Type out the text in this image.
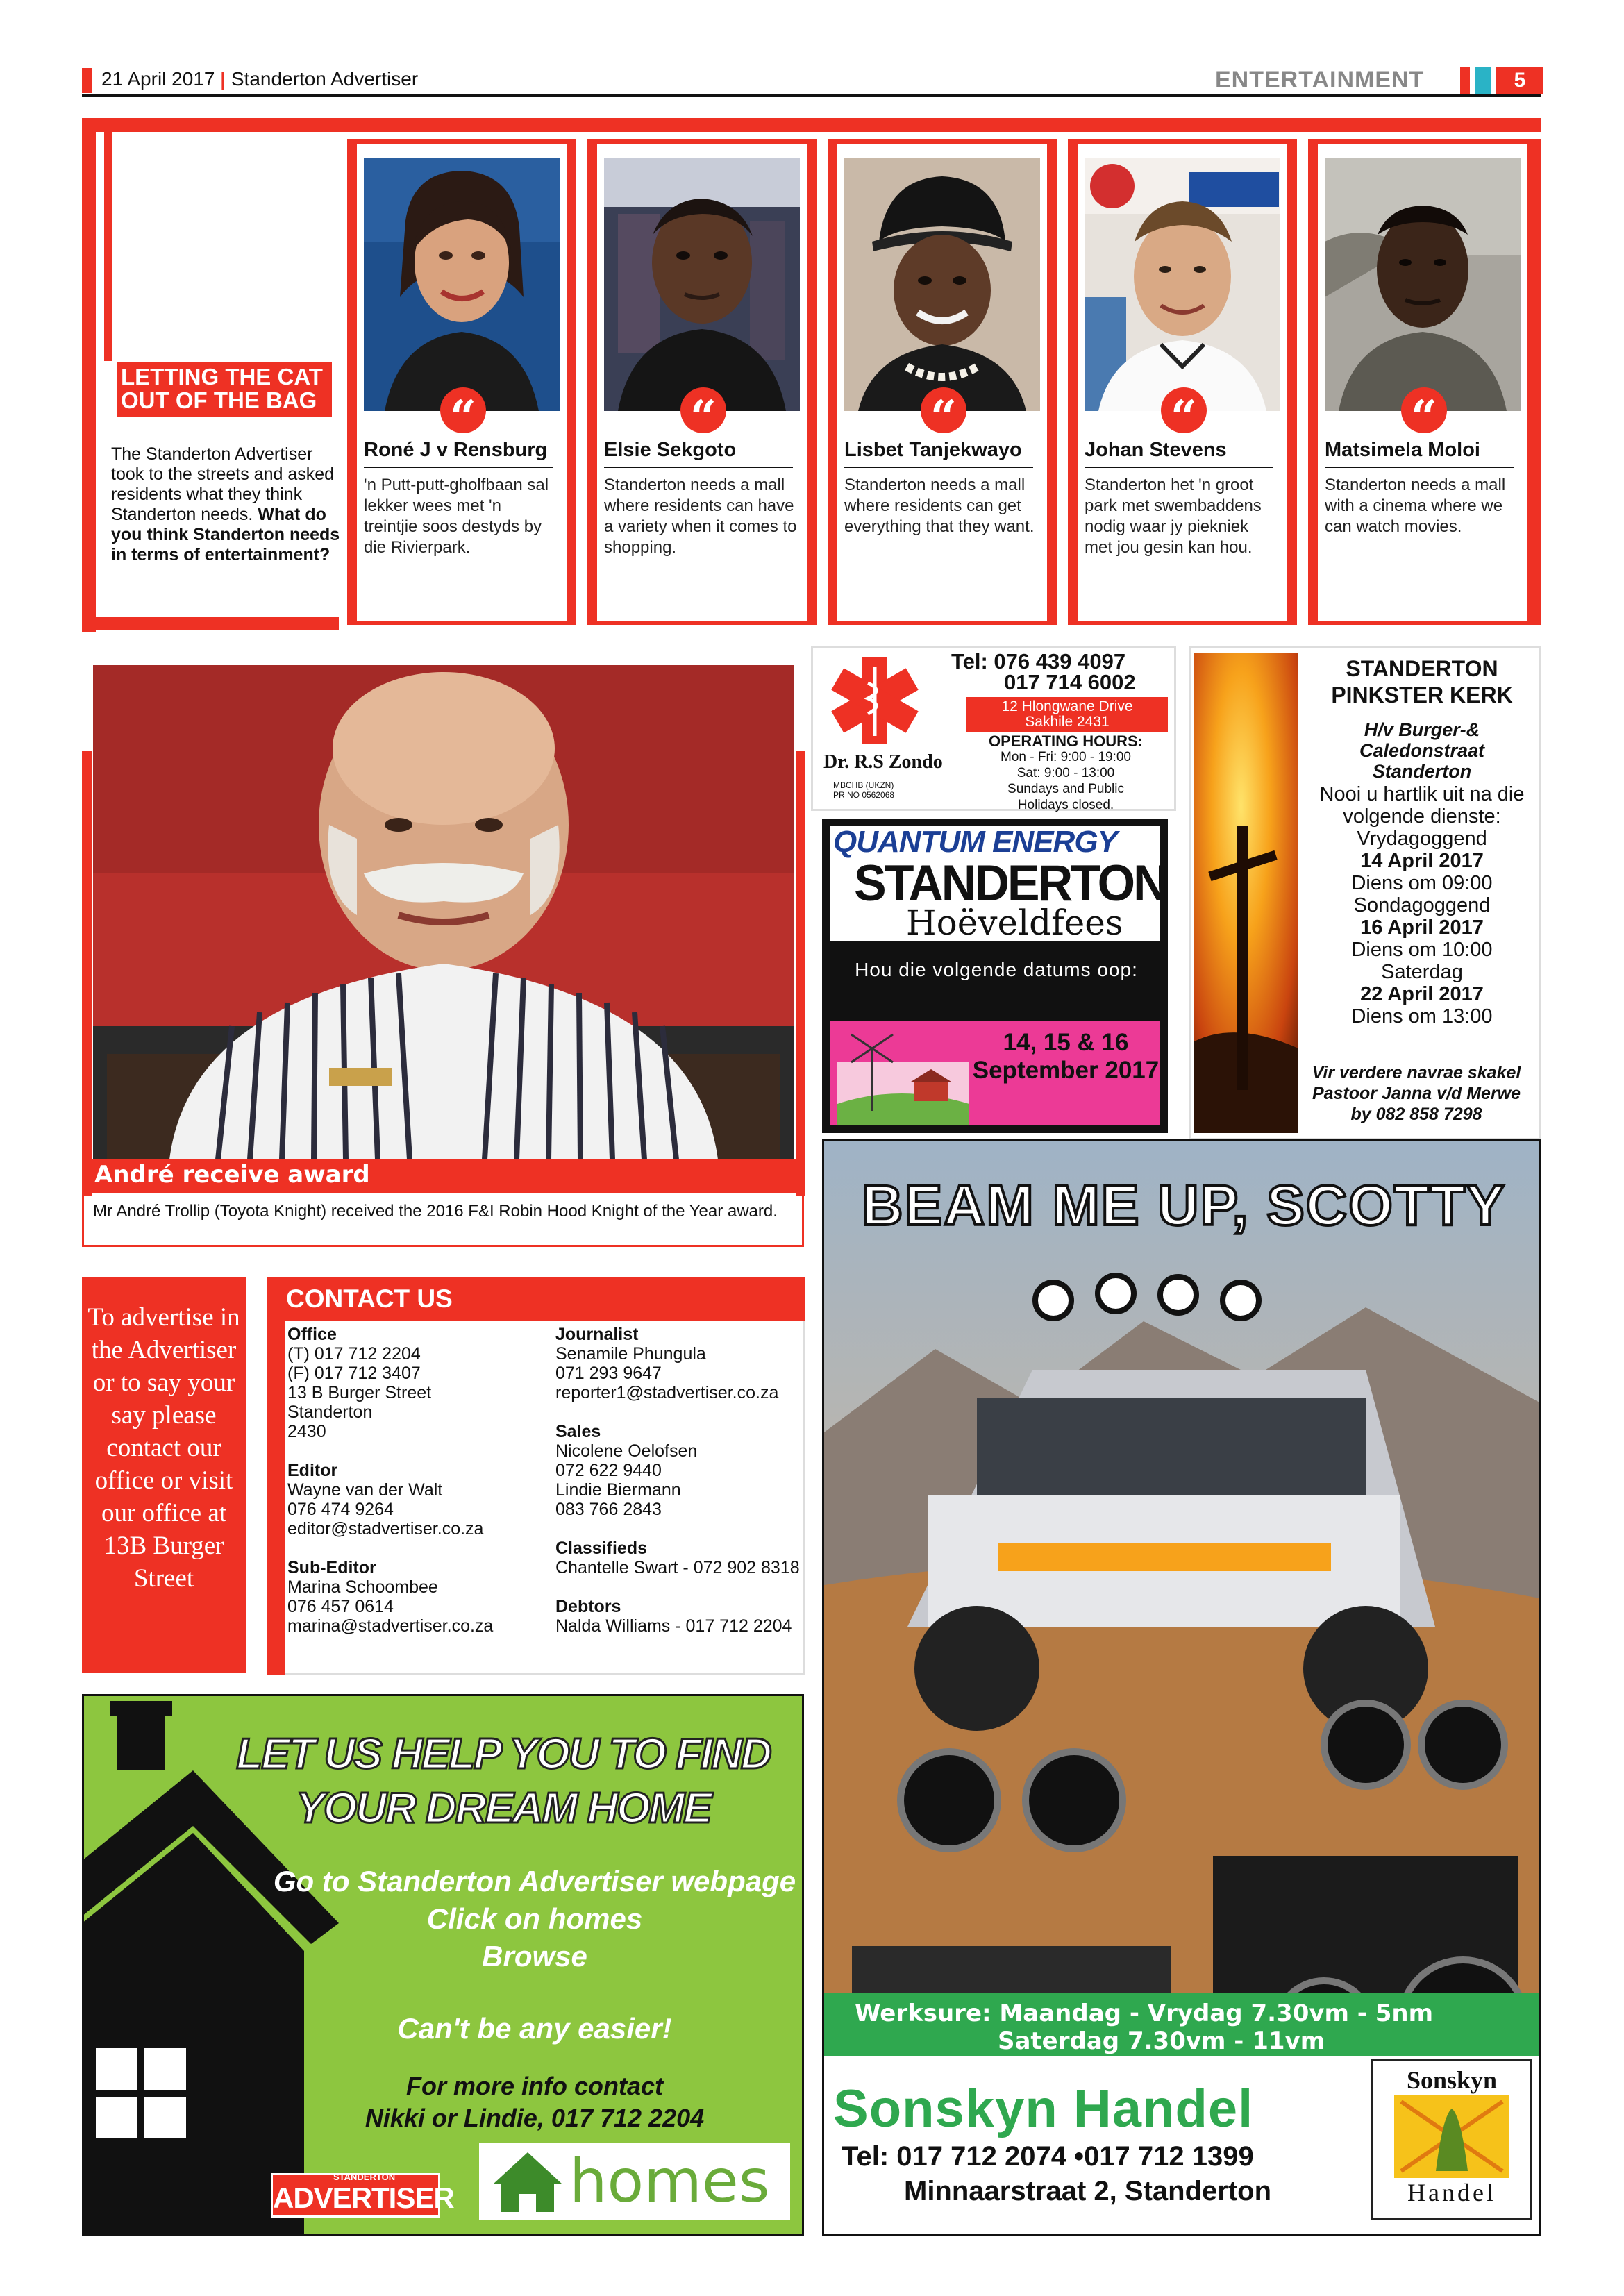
21 April 2017 | Standerton Advertiser	ENTERTAINMENT	5
LETTING THE CAT OUT OF THE BAG
The Standerton Advertiser took to the streets and asked residents what they think Standerton needs. What do you think Standerton needs in terms of entertainment?
“
Roné J v Rensburg
'n Putt-putt-gholfbaan sal lekker wees met 'n treintjie soos destyds by die Rivierpark.
“
Elsie Sekgoto
Standerton needs a mall where residents can have a variety when it comes to shopping.
“
Lisbet Tanjekwayo
Standerton needs a mall where residents can get everything that they want.
“
Johan Stevens
Standerton het 'n groot park met swembaddens nodig waar jy piekniek met jou gesin kan hou.
“
Matsimela Moloi
Standerton needs a mall with a cinema where we can watch movies.
André receive award
Mr André Trollip (Toyota Knight) received the 2016 F&I Robin Hood Knight of the Year award.
To advertise in the Advertiser or to say your say please contact our office or visit our office at 13B Burger Street
CONTACT US
Office
(T) 017 712 2204
(F) 017 712 3407
13 B Burger Street
Standerton
2430
Editor
Wayne van der Walt
076 474 9264
editor@stadvertiser.co.za
Sub-Editor
Marina Schoombee
076 457 0614
marina@stadvertiser.co.za
Journalist
Senamile Phungula
071 293 9647
reporter1@stadvertiser.co.za
Sales
Nicolene Oelofsen
072 622 9440
Lindie Biermann
083 766 2843
Classifieds
Chantelle Swart - 072 902 8318
Debtors
Nalda Williams - 017 712 2204
LET US HELP YOU TO FIND YOUR DREAM HOME
Go to Standerton Advertiser webpage
Click on homes
Browse
Can't be any easier!
For more info contact
Nikki or Lindie, 017 712 2204
ADVERTISER
STANDERTON	homes
Dr. R.S Zondo
MBCHB (UKZN)
PR NO 0562068
Tel: 076 439 4097
017 714 6002
12 Hlongwane Drive
Sakhile 2431
OPERATING HOURS:
Mon - Fri: 9:00 - 19:00
Sat: 9:00 - 13:00
Sundays and Public
Holidays closed.
QUANTUM ENERGY
STANDERTON
Hoëveldfees
Hou die volgende datums oop:
14, 15 & 16 September 2017
STANDERTON PINKSTER KERK
H/v Burger-&
Caledonstraat
Standerton
Nooi u hartlik uit na die volgende dienste:
Vrydagoggend
14 April 2017
Diens om 09:00
Sondagoggend
16 April 2017
Diens om 10:00
Saterdag
22 April 2017
Diens om 13:00
Vir verdere navrae skakel
Pastoor Janna v/d Merwe
by 082 858 7298
BEAM ME UP, SCOTTY
Werksure: Maandag - Vrydag 7.30vm - 5nm
Saterdag 7.30vm - 11vm
Sonskyn Handel
Tel: 017 712 2074 •017 712 1399
Minnaarstraat 2, Standerton
Sonskyn
Handel
